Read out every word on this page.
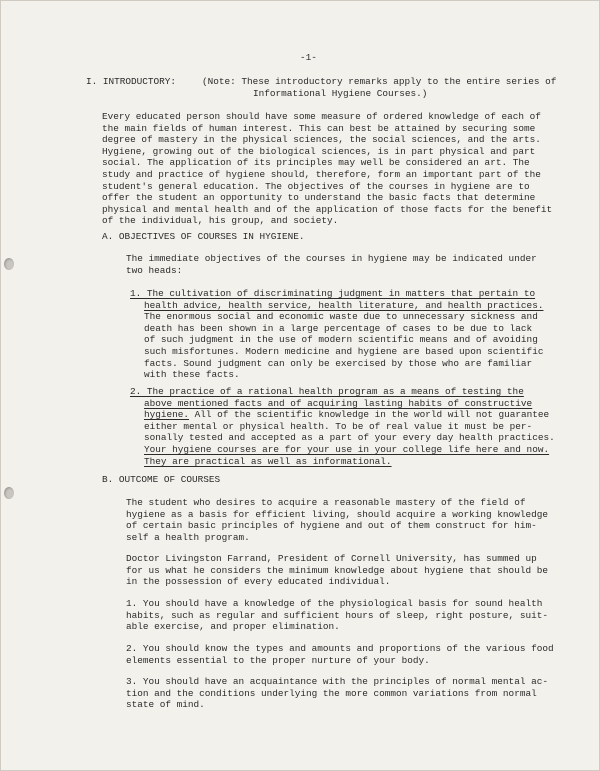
-1-
I. INTRODUCTORY:	(Note: These introductory remarks apply to the entire series of
Informational Hygiene Courses.)
Every educated person should have some measure of ordered knowledge of each of
the main fields of human interest. This can best be attained by securing some
degree of mastery in the physical sciences, the social sciences, and the arts.
Hygiene, growing out of the biological sciences, is in part physical and part
social. The application of its principles may well be considered an art. The
study and practice of hygiene should, therefore, form an important part of the
student's general education. The objectives of the courses in hygiene are to
offer the student an opportunity to understand the basic facts that determine
physical and mental health and of the application of those facts for the benefit
of the individual, his group, and society.
A. OBJECTIVES OF COURSES IN HYGIENE.
The immediate objectives of the courses in hygiene may be indicated under
two heads:
1. The cultivation of discriminating judgment in matters that pertain to
health advice, health service, health literature, and health practices.
The enormous social and economic waste due to unnecessary sickness and
death has been shown in a large percentage of cases to be due to lack
of such judgment in the use of modern scientific means and of avoiding
such misfortunes. Modern medicine and hygiene are based upon scientific
facts. Sound judgment can only be exercised by those who are familiar
with these facts.
2. The practice of a rational health program as a means of testing the
above mentioned facts and of acquiring lasting habits of constructive
hygiene. All of the scientific knowledge in the world will not guarantee
either mental or physical health. To be of real value it must be per-
sonally tested and accepted as a part of your every day health practices.
Your hygiene courses are for your use in your college life here and now.
They are practical as well as informational.
B. OUTCOME OF COURSES
The student who desires to acquire a reasonable mastery of the field of
hygiene as a basis for efficient living, should acquire a working knowledge
of certain basic principles of hygiene and out of them construct for him-
self a health program.
Doctor Livingston Farrand, President of Cornell University, has summed up
for us what he considers the minimum knowledge about hygiene that should be
in the possession of every educated individual.
1. You should have a knowledge of the physiological basis for sound health
habits, such as regular and sufficient hours of sleep, right posture, suit-
able exercise, and proper elimination.
2. You should know the types and amounts and proportions of the various food
elements essential to the proper nurture of your body.
3. You should have an acquaintance with the principles of normal mental ac-
tion and the conditions underlying the more common variations from normal
state of mind.
